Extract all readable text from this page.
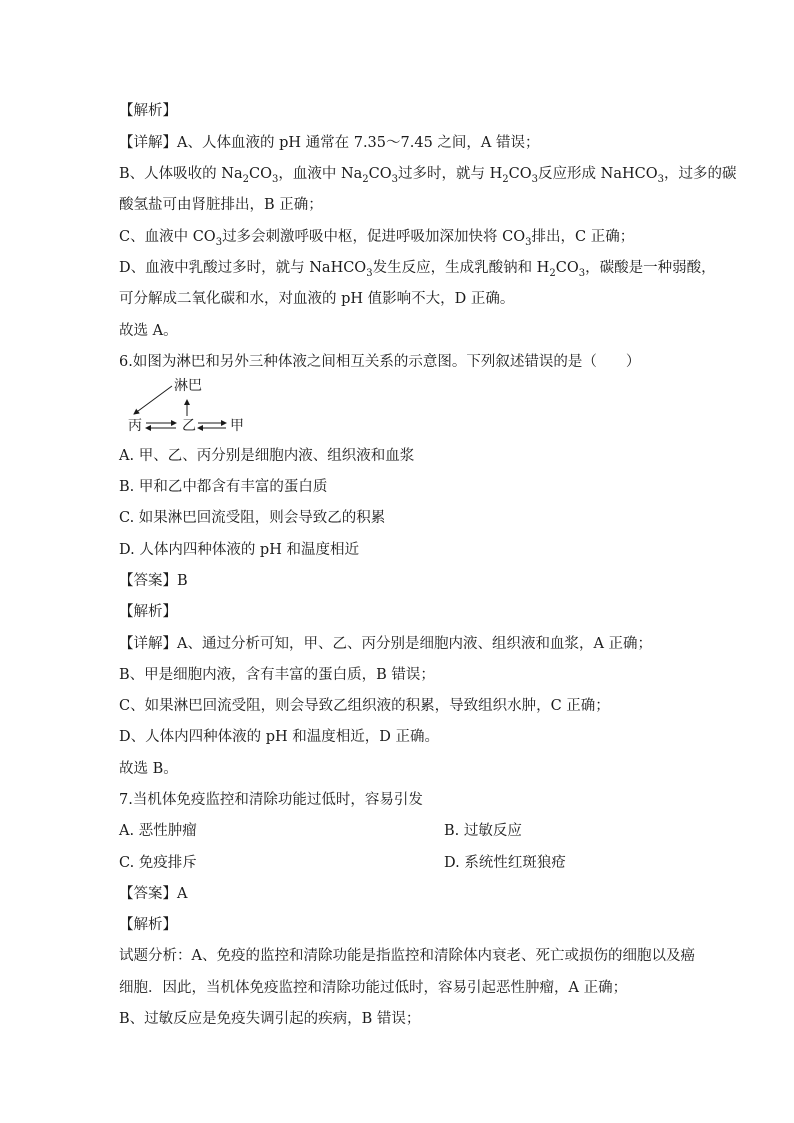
【解析】
【详解】A、人体血液的 pH 通常在 7.35～7.45 之间，A 错误；
B、人体吸收的 $Na_2CO_3$，血液中 $Na_2CO_3$过多时，就与 $H_2CO_3$反应形成 NaHCO$_3$，过多的碳
酸氢盐可由肾脏排出，B 正确；
C、血液中 $CO_3$过多会刺激呼吸中枢，促进呼吸加深加快将 $CO_3$排出，C 正确；
D、血液中乳酸过多时，就与 NaHCO$_3$发生反应，生成乳酸钠和 $H_2CO_3$，碳酸是一种弱酸，
可分解成二氧化碳和水，对血液的 pH 值影响不大，D 正确。
故选 A。
6.如图为淋巴和另外三种体液之间相互关系的示意图。下列叙述错误的是（　　）
淋巴
丙	乙 甲
A. 甲、乙、丙分别是细胞内液、组织液和血浆
B. 甲和乙中都含有丰富的蛋白质
C. 如果淋巴回流受阻，则会导致乙的积累
D. 人体内四种体液的 pH 和温度相近
【答案】B
【解析】
【详解】A、通过分析可知，甲、乙、丙分别是细胞内液、组织液和血浆，A 正确；
B、甲是细胞内液，含有丰富的蛋白质，B 错误；
C、如果淋巴回流受阻，则会导致乙组织液的积累，导致组织水肿，C 正确；
D、人体内四种体液的 pH 和温度相近，D 正确。
故选 B。
7.当机体免疫监控和清除功能过低时，容易引发
A. 恶性肿瘤	B. 过敏反应
C. 免疫排斥	D. 系统性红斑狼疮
【答案】A
【解析】
试题分析：A、免疫的监控和清除功能是指监控和清除体内衰老、死亡或损伤的细胞以及癌
细胞．因此，当机体免疫监控和清除功能过低时，容易引起恶性肿瘤，A 正确；
B、过敏反应是免疫失调引起的疾病，B 错误；
